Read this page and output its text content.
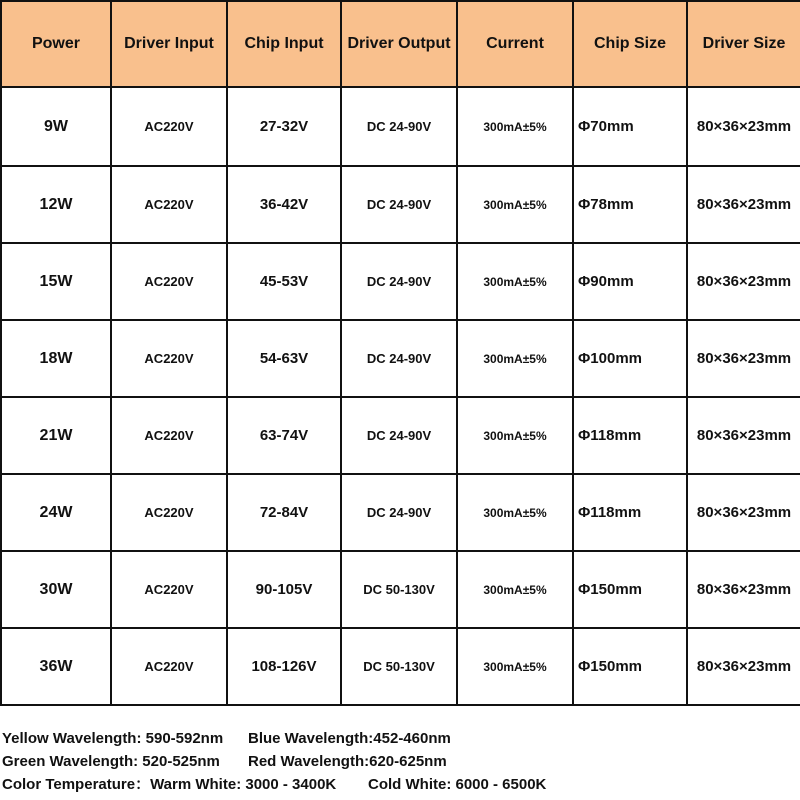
Power	Driver Input	Chip Input	Driver Output	Current	Chip Size	Driver Size
9W	AC220V	27-32V	DC 24-90V	300mA±5%	Φ70mm	80×36×23mm
12W	AC220V	36-42V	DC 24-90V	300mA±5%	Φ78mm	80×36×23mm
15W	AC220V	45-53V	DC 24-90V	300mA±5%	Φ90mm	80×36×23mm
18W	AC220V	54-63V	DC 24-90V	300mA±5%	Φ100mm	80×36×23mm
21W	AC220V	63-74V	DC 24-90V	300mA±5%	Φ118mm	80×36×23mm
24W	AC220V	72-84V	DC 24-90V	300mA±5%	Φ118mm	80×36×23mm
30W	AC220V	90-105V	DC 50-130V	300mA±5%	Φ150mm	80×36×23mm
36W	AC220V	108-126V	DC 50-130V	300mA±5%	Φ150mm	80×36×23mm
Yellow Wavelength: 590-592nm Blue Wavelength:452-460nm
Green Wavelength: 520-525nm Red Wavelength:620-625nm
Color Temperature：Warm White: 3000 - 3400K Cold White: 6000 - 6500K
